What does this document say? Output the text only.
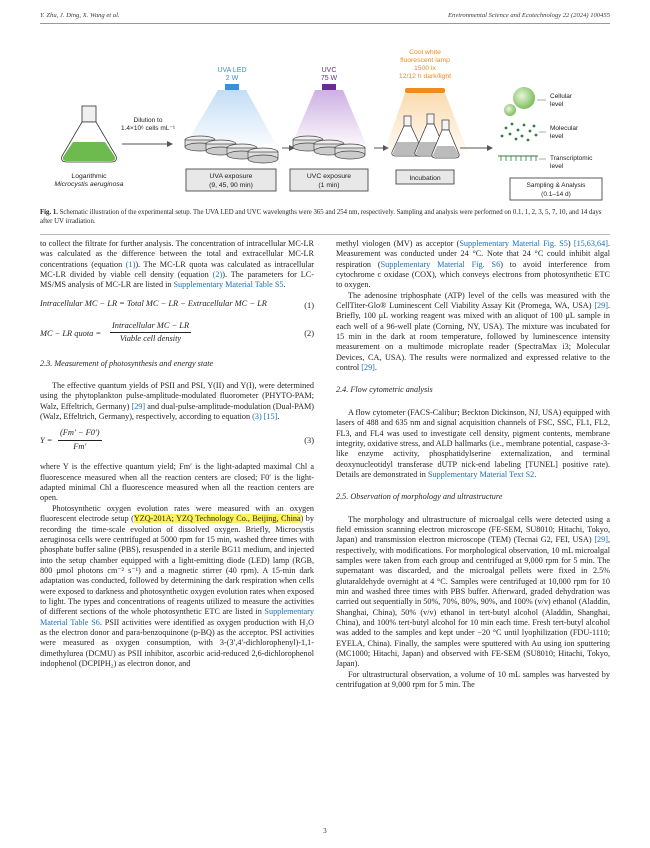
Y. Zhu, J. Ding, X. Wang et al.	Environmental Science and Ecotechnology 22 (2024) 100455
Dilution to
1.4×10⁶ cells mL⁻¹
Logarithmic
Microcystis aeruginosa
UVA LED
2 W
UVA exposure
(9, 45, 90 min)
UVC
75 W
UVC exposure
(1 min)
Cool white
fluorescent lamp
1500 lx
12/12 h dark/light
Incubation
Cellular
level
Molecular
level
Transcriptomic
level
Sampling & Analysis
(0.1–14 d)
Fig. 1. Schematic illustration of the experimental setup. The UVA LED and UVC wavelengths were 365 and 254 nm, respectively. Sampling and analysis were performed on 0.1, 1, 2, 3, 5, 7, 10, and 14 days after UV irradiation.

to collect the filtrate for further analysis. The concentration of intracellular MC-LR was calculated as the difference between the total and extracellular MC-LR concentrations (equation (1)). The MC-LR quota was calculated as intracellular MC-LR divided by viable cell density (equation (2)). The parameters for LC-MS/MS analysis of MC-LR are listed in Supplementary Material Table S5.

Intracellular MC − LR = Total MC − LR − Extracellular MC − LR	(1)
MC − LR quota =
Intracellular MC − LR
Viable cell density
(2)
2.3. Measurement of photosynthesis and energy state

The effective quantum yields of PSII and PSI, Y(II) and Y(I), were determined using the phytoplankton pulse-amplitude-modulated fluorometer (PHYTO-PAM; Walz, Effeltrich, Germany) [29] and dual-pulse-amplitude-modulation (Dual-PAM) (Walz, Effeltrich, Germany), respectively, according to equation (3) [15].

$Y = \frac{(Fm' - F0')}{Fm'}$	(3)

where Y is the effective quantum yield; Fm′ is the light-adapted maximal Chl a fluorescence measured when all the reaction centers are closed; F0′ is the light-adapted minimal Chl a fluorescence measured when all the reaction centers are open.

Photosynthetic oxygen evolution rates were measured with an oxygen fluorescent electrode setup (YZQ-201A; YZQ Technology Co., Beijing, China) by recording the time-scale evolution of dissolved oxygen. Briefly, Microcystis aeruginosa cells were centrifuged at 5000 rpm for 15 min, washed three times with phosphate buffer saline (PBS), resuspended in a sterile BG11 medium, and injected into the setup chamber equipped with a light-emitting diode (LED) lamp (RGB, 800 μmol photons cm⁻² s⁻¹) and a magnetic stirrer (40 rpm). A 15-min dark adaptation was conducted, followed by determining the dark respiration when cells were exposed to darkness and photosynthetic oxygen evolution rates when exposed to light. The types and concentrations of reagents utilized to measure the activities of different sections of the whole photosynthetic ETC are listed in Supplementary Material Table S6. PSII activities were identified as oxygen production with H₂O as the electron donor and para-benzoquinone (p-BQ) as the acceptor. PSI activities were measured as oxygen consumption, with 3-(3′,4′-dichlorophenyl)-1,1-dimethylurea (DCMU) as PSII inhibitor, ascorbic acid-reduced 2,6-dichlorophenol indophenol (DCPIPH₂) as electron donor, and

methyl viologen (MV) as acceptor (Supplementary Material Fig. S5) [15,63,64]. Measurement was conducted under 24 °C. Note that 24 °C could inhibit algal respiration (Supplementary Material Fig. S6) to avoid interference from cytochrome c oxidase (COX), which conveys electrons from photosynthetic ETC to oxygen.

The adenosine triphosphate (ATP) level of the cells was measured with the CellTiter-Glo® Luminescent Cell Viability Assay Kit (Promega, WA, USA) [29]. Briefly, 100 μL working reagent was mixed with an aliquot of 100 μL sample in each well of a 96-well plate (Corning, NY, USA). The mixture was incubated for 15 min in the dark at room temperature, followed by luminescence intensity measurement on a multimode microplate reader (SpectraMax i3; Molecular Devices, CA, USA). The results were normalized and expressed relative to the control [29].

2.4. Flow cytometric analysis

A flow cytometer (FACS-Calibur; Beckton Dickinson, NJ, USA) equipped with lasers of 488 and 635 nm and signal acquisition channels of FSC, SSC, FL1, FL2, FL3, and FL4 was used to investigate cell density, pigment contents, membrane integrity, oxidative stress, and ALD hallmarks (i.e., membrane potential, caspase-3-like enzyme activity, phosphatidylserine externalization, and terminal deoxynucleotidyl transferase dUTP nick-end labeling [TUNEL] positive rate). Details are demonstrated in Supplementary Material Text S2.

2.5. Observation of morphology and ultrastructure

The morphology and ultrastructure of microalgal cells were detected using a field emission scanning electron microscope (FE-SEM, SU8010; Hitachi, Tokyo, Japan) and transmission electron microscope (TEM) (Tecnai G2, FEI, USA) [29], respectively, with modifications. For morphological observation, 10 mL microalgal samples were taken from each group and centrifuged at 9,000 rpm for 5 min. The supernatant was discarded, and the microalgal pellets were fixed in 2.5% glutaraldehyde overnight at 4 °C. Samples were centrifuged at 10,000 rpm for 10 min and washed three times with PBS buffer. Afterward, graded dehydration was carried out sequentially in 50%, 70%, 80%, 90%, and 100% (v/v) ethanol (Aladdin, Shanghai, China), 50% (v/v) ethanol in tert-butyl alcohol (Aladdin, Shanghai, China), and 100% tert-butyl alcohol for 10 min each time. Fresh tert-butyl alcohol was added to the samples and kept under −20 °C until lyophilization (FDU-1110; EYELA, China). Finally, the samples were sputtered with Au using ion sputtering (MC1000; Hitachi, Japan) and observed with FE-SEM (SU8010; Hitachi, Tokyo, Japan).

For ultrastructural observation, a volume of 10 mL samples was harvested by centrifugation at 9,000 rpm for 5 min. The

3
